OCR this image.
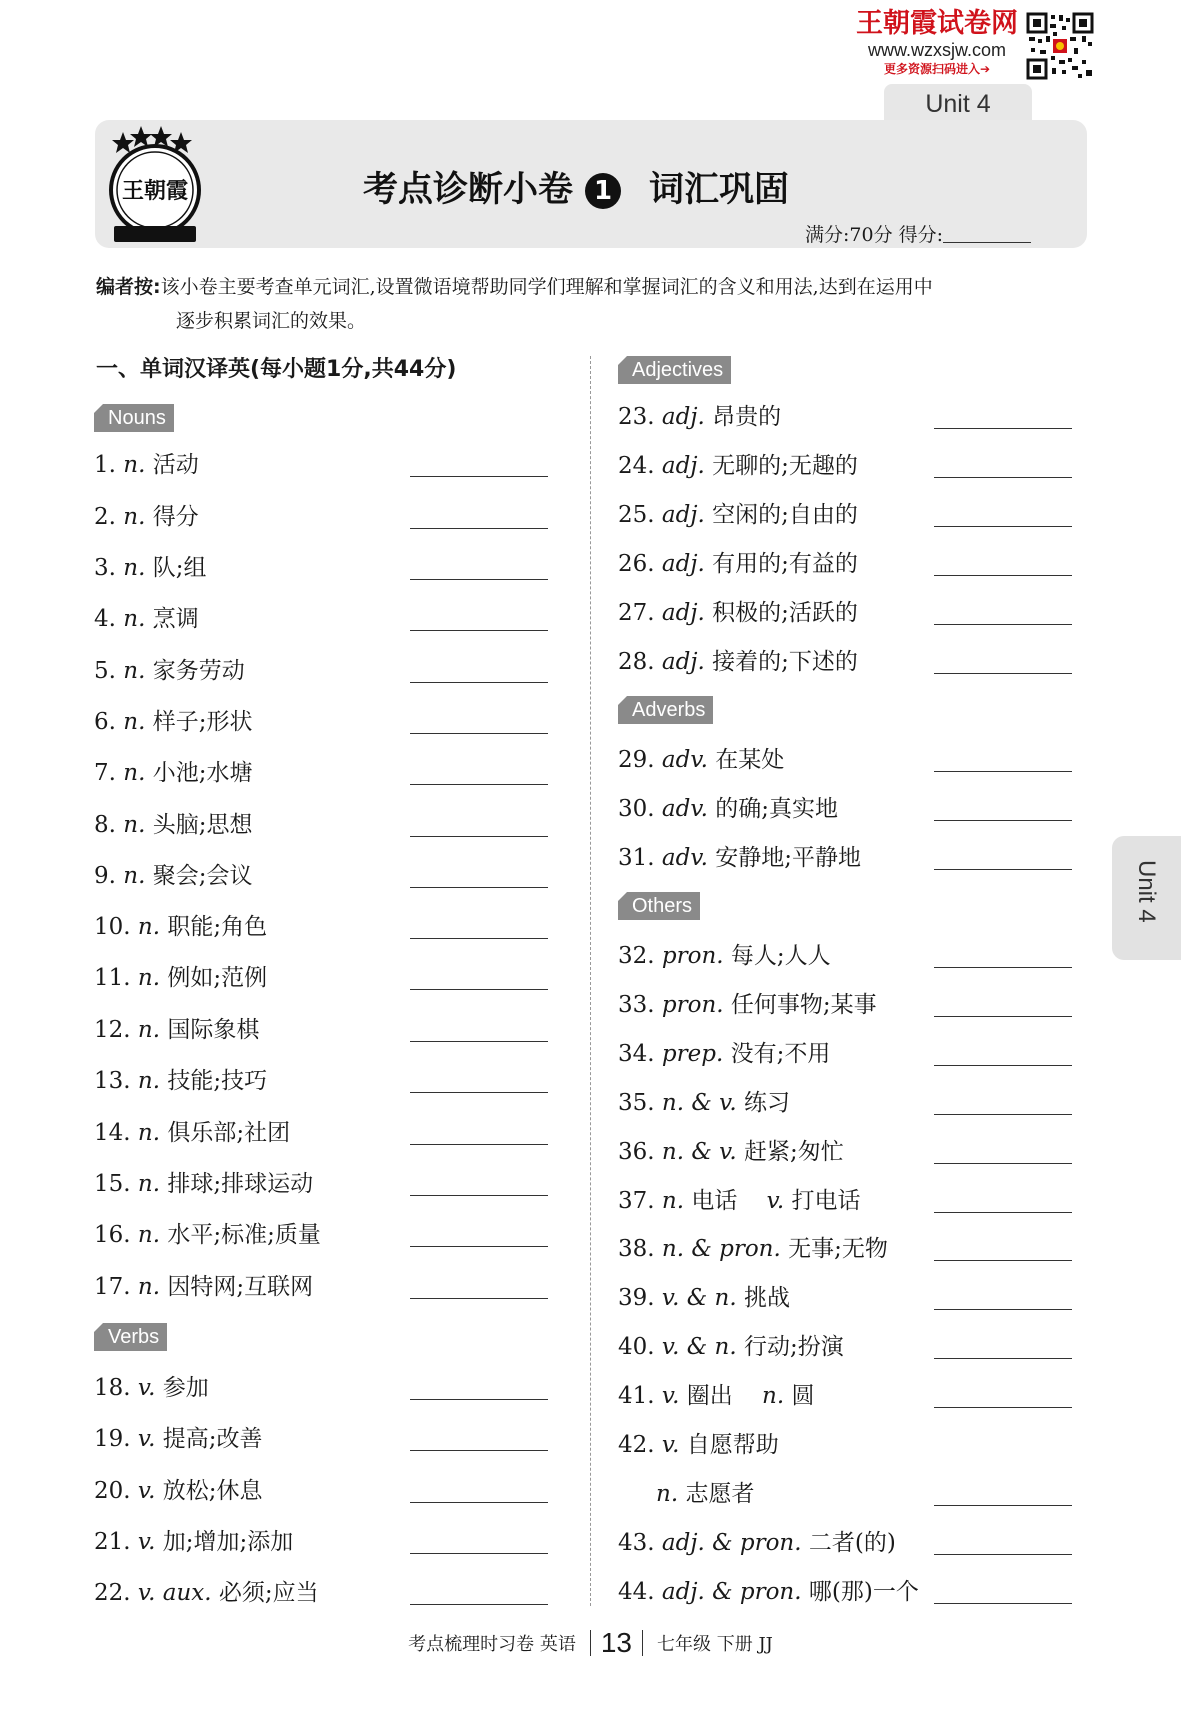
王朝霞试卷网
www.wzxsjw.com
更多资源扫码进入➔
Unit 4
王朝霞	考点诊断小卷 1 词汇巩固
满分:70分 得分:
编者按:该小卷主要考查单元词汇,设置微语境帮助同学们理解和掌握词汇的含义和用法,达到在运用中
逐步积累词汇的效果。
一、单词汉译英(每小题1分,共44分)
Nouns
Verbs
Adjectives
Adverbs
Others
1. n. 活动
2. n. 得分
3. n. 队;组
4. n. 烹调
5. n. 家务劳动
6. n. 样子;形状
7. n. 小池;水塘
8. n. 头脑;思想
9. n. 聚会;会议
10. n. 职能;角色
11. n. 例如;范例
12. n. 国际象棋
13. n. 技能;技巧
14. n. 俱乐部;社团
15. n. 排球;排球运动
16. n. 水平;标准;质量
17. n. 因特网;互联网
18. v. 参加
19. v. 提高;改善
20. v. 放松;休息
21. v. 加;增加;添加
22. v. aux. 必须;应当
23. adj. 昂贵的
24. adj. 无聊的;无趣的
25. adj. 空闲的;自由的
26. adj. 有用的;有益的
27. adj. 积极的;活跃的
28. adj. 接着的;下述的
29. adv. 在某处
30. adv. 的确;真实地
31. adv. 安静地;平静地
32. pron. 每人;人人
33. pron. 任何事物;某事
34. prep. 没有;不用
35. n. & v. 练习
36. n. & v. 赶紧;匆忙
37. n. 电话 v. 打电话
38. n. & pron. 无事;无物
39. v. & n. 挑战
40. v. & n. 行动;扮演
41. v. 圈出 n. 圆
42. v. 自愿帮助
n. 志愿者
43. adj. & pron. 二者(的)
44. adj. & pron. 哪(那)一个
Unit 4
考点梳理时习卷 英语 13 七年级 下册 JJ
